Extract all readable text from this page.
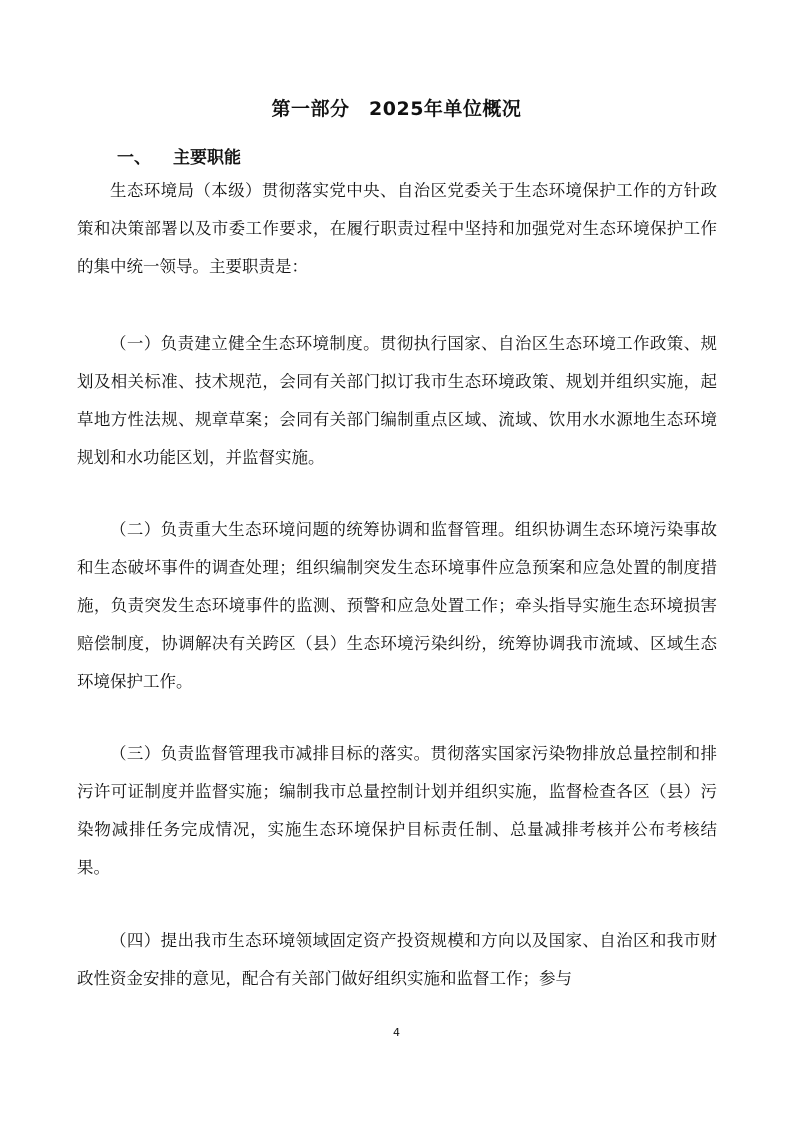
第一部分　2025年单位概况
一、 主要职能

生态环境局（本级）贯彻落实党中央、自治区党委关于生态环境保护工作的方针政策和决策部署以及市委工作要求，在履行职责过程中坚持和加强党对生态环境保护工作的集中统一领导。主要职责是：

（一）负责建立健全生态环境制度。贯彻执行国家、自治区生态环境工作政策、规划及相关标准、技术规范，会同有关部门拟订我市生态环境政策、规划并组织实施，起草地方性法规、规章草案；会同有关部门编制重点区域、流域、饮用水水源地生态环境规划和水功能区划，并监督实施。

（二）负责重大生态环境问题的统筹协调和监督管理。组织协调生态环境污染事故和生态破坏事件的调查处理；组织编制突发生态环境事件应急预案和应急处置的制度措施，负责突发生态环境事件的监测、预警和应急处置工作；牵头指导实施生态环境损害赔偿制度，协调解决有关跨区（县）生态环境污染纠纷，统筹协调我市流域、区域生态环境保护工作。

（三）负责监督管理我市减排目标的落实。贯彻落实国家污染物排放总量控制和排污许可证制度并监督实施；编制我市总量控制计划并组织实施，监督检查各区（县）污染物减排任务完成情况，实施生态环境保护目标责任制、总量减排考核并公布考核结果。

（四）提出我市生态环境领域固定资产投资规模和方向以及国家、自治区和我市财政性资金安排的意见，配合有关部门做好组织实施和监督工作；参与

4
